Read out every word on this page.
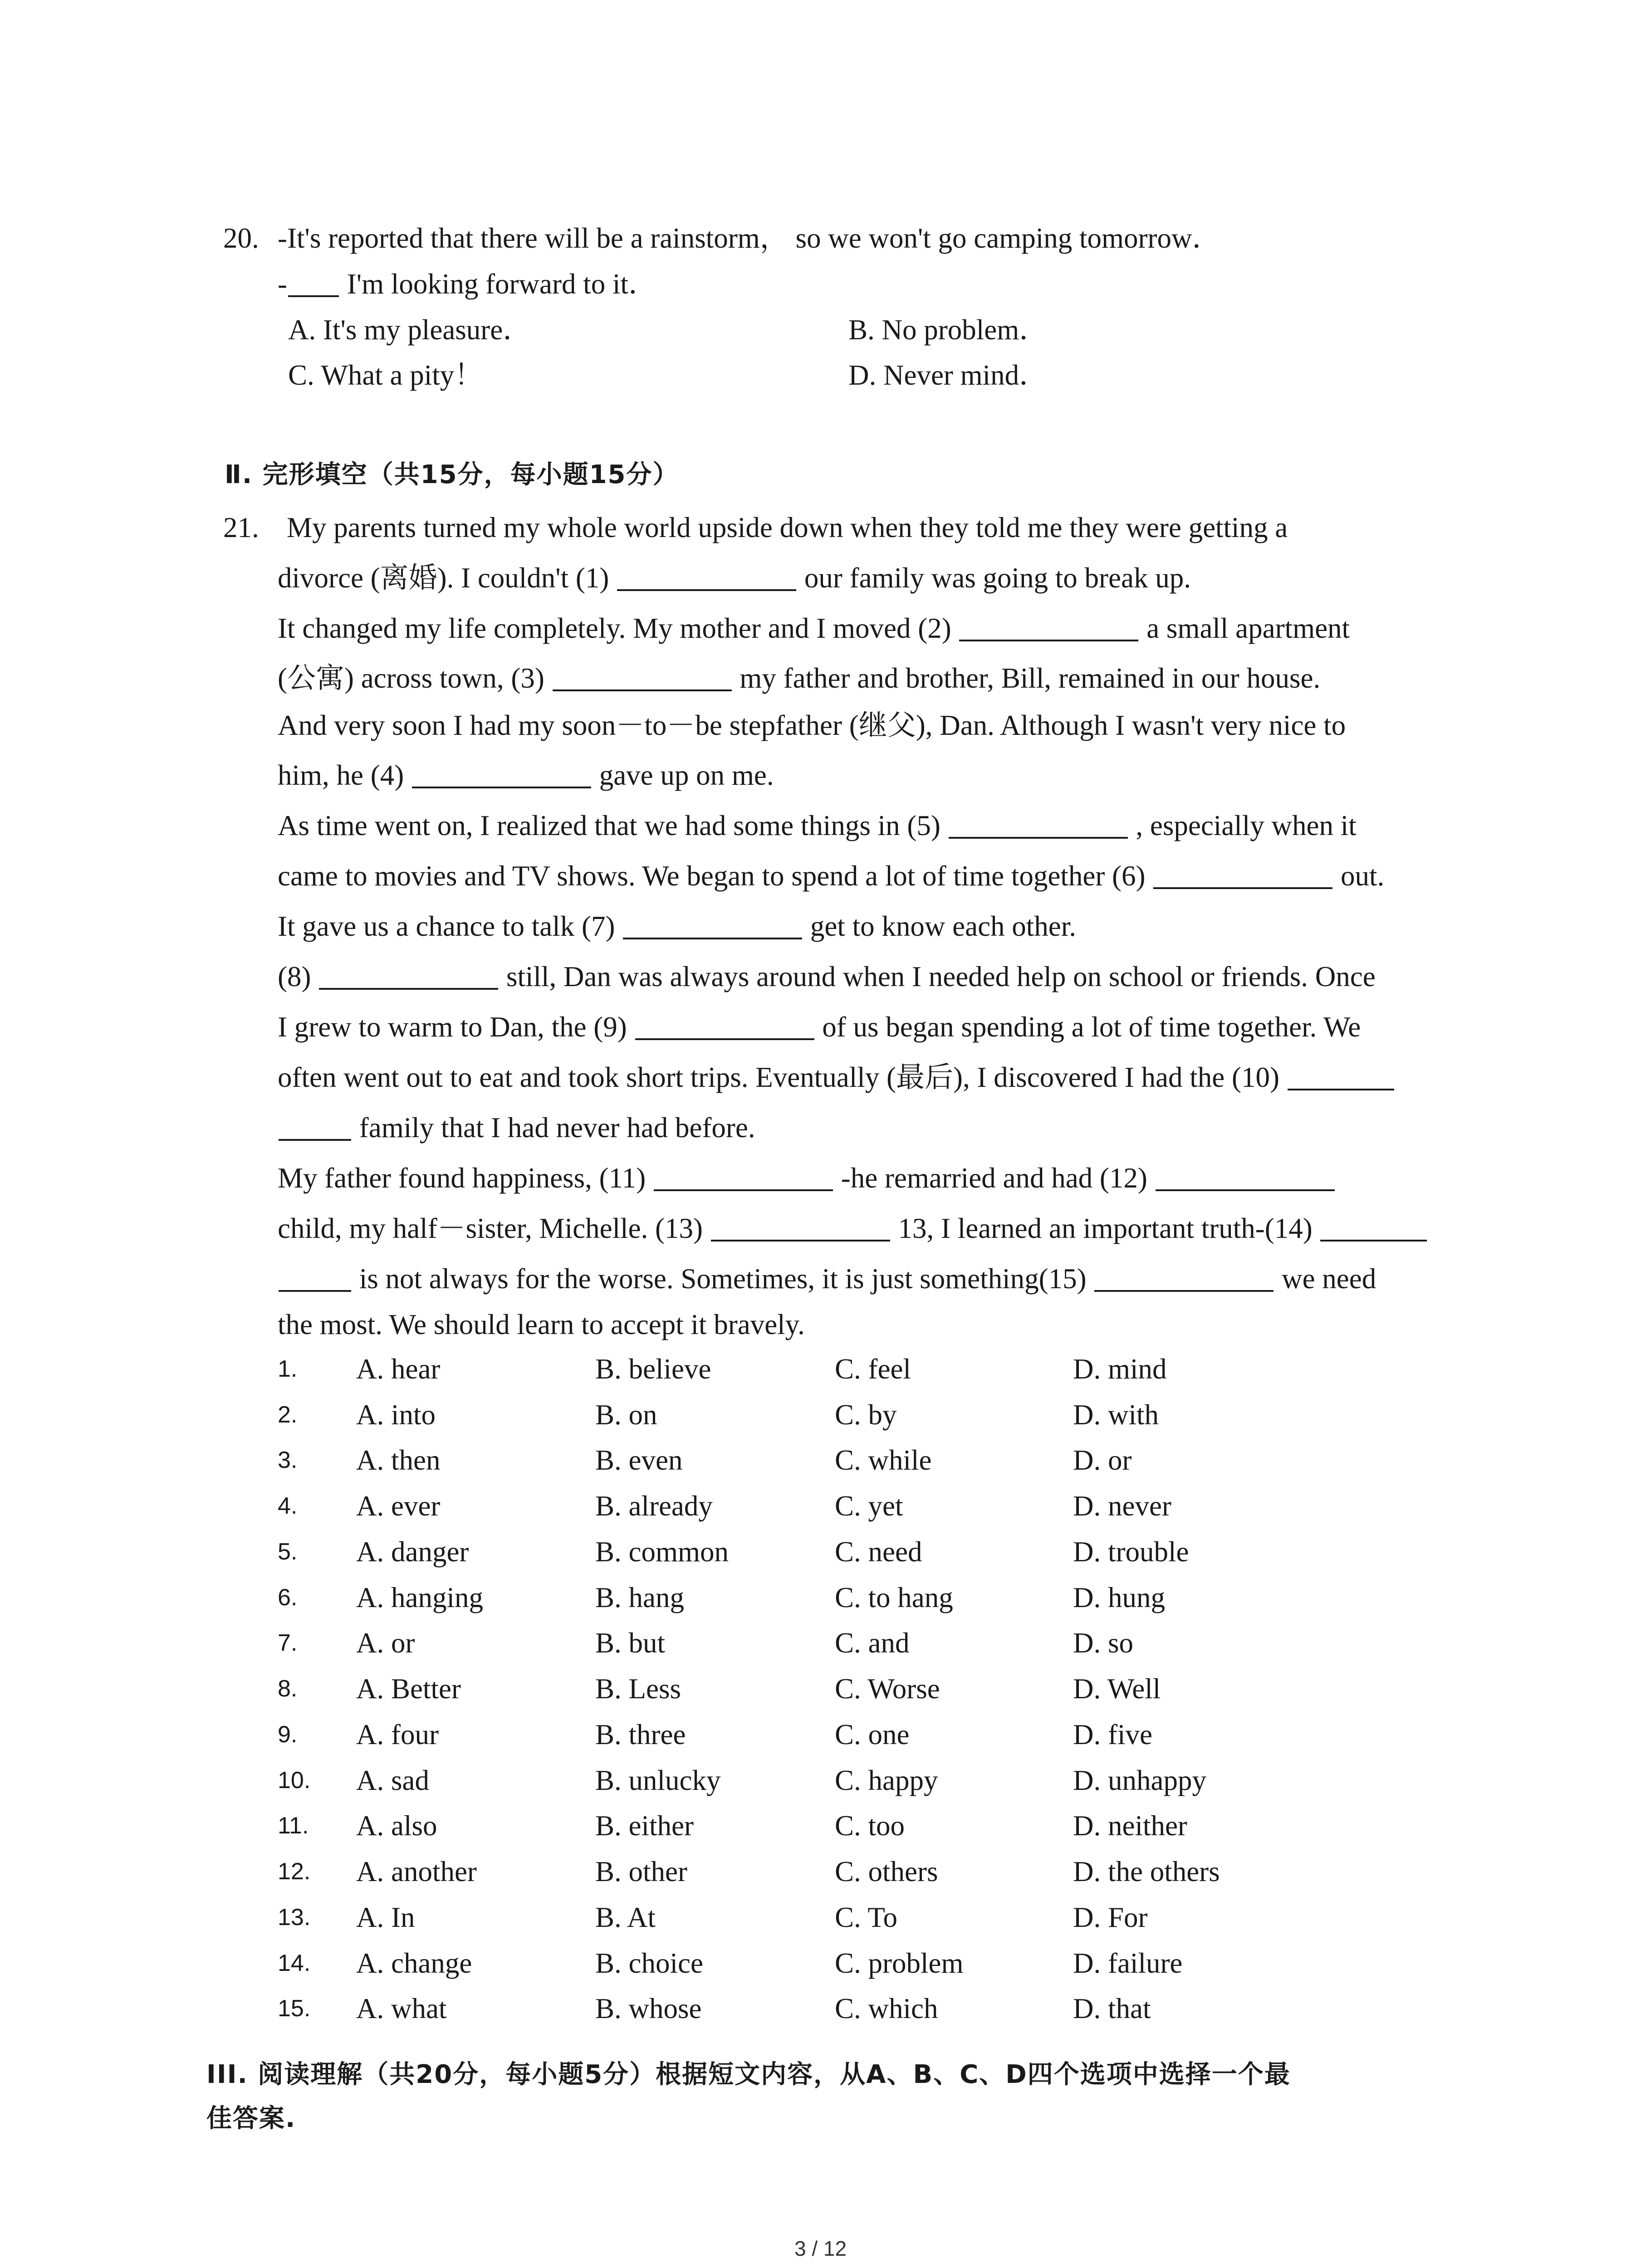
20. -It's reported that there will be a rainstorm， so we won't go camping tomorrow．
- I'm looking forward to it．
A. It's my pleasure．	B. No problem．
C. What a pity！	D. Never mind．
Ⅱ. 完形填空（共15分，每小题15分）
21. My parents turned my whole world upside down when they told me they were getting a
divorce (离婚). I couldn't (1)	our family was going to break up.
It changed my life completely. My mother and I moved (2)	a small apartment
(公寓) across town, (3)	my father and brother, Bill, remained in our house.
And very soon I had my soon－to－be stepfather (继父), Dan. Although I wasn't very nice to
him, he (4)	gave up on me.
As time went on, I realized that we had some things in (5)	, especially when it
came to movies and TV shows. We began to spend a lot of time together (6)	out.
It gave us a chance to talk (7)	get to know each other.
(8)	still, Dan was always around when I needed help on school or friends. Once
I grew to warm to Dan, the (9)	of us began spending a lot of time together. We
often went out to eat and took short trips. Eventually (最后), I discovered I had the (10)
family that I had never had before.
My father found happiness, (11)	-he remarried and had (12)
child, my half－sister, Michelle. (13)	13, I learned an important truth-(14)
is not always for the worse. Sometimes, it is just something(15)	we need
the most. We should learn to accept it bravely.
1. A. hear	B. believe	C. feel	D. mind
2. A. into	B. on	C. by	D. with
3. A. then	B. even	C. while	D. or
4. A. ever	B. already	C. yet	D. never
5. A. danger	B. common	C. need	D. trouble
6. A. hanging	B. hang	C. to hang	D. hung
7. A. or	B. but	C. and	D. so
8. A. Better	B. Less	C. Worse	D. Well
9. A. four	B. three	C. one	D. five
10. A. sad	B. unlucky	C. happy	D. unhappy
11. A. also	B. either	C. too	D. neither
12. A. another	B. other	C. others	D. the others
13. A. In	B. At	C. To	D. For
14. A. change	B. choice	C. problem	D. failure
15. A. what	B. whose	C. which	D. that
III. 阅读理解（共20分，每小题5分）根据短文内容，从A、B、C、D四个选项中选择一个最
佳答案.
3 / 12
